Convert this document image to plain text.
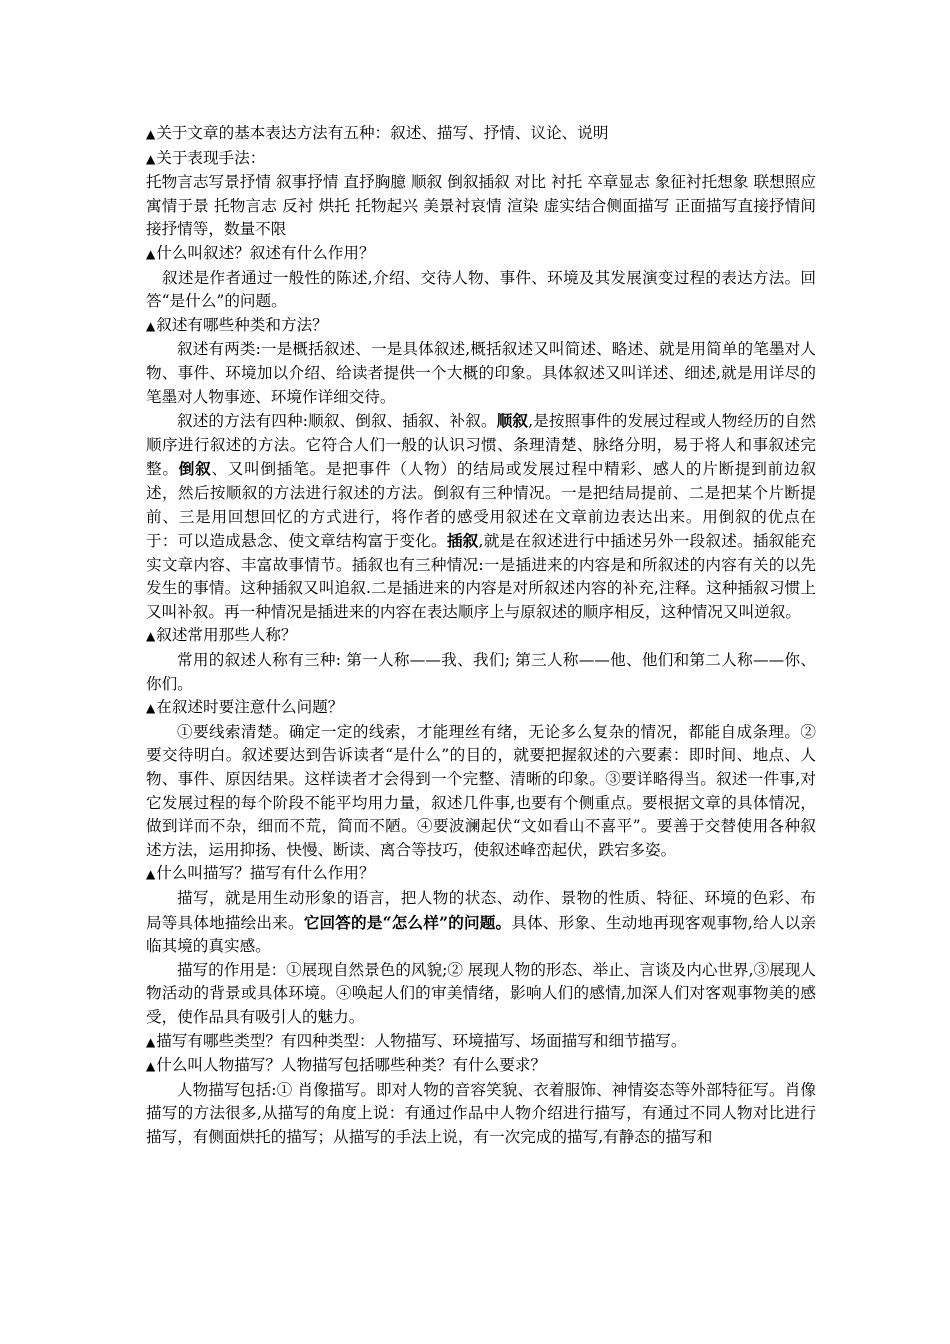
▲ 关于文章的基本表达方法有五种：叙述、描写、抒情、议论、说明

▲ 关于表现手法：

托物言志写景抒情 叙事抒情 直抒胸臆 顺叙 倒叙插叙 对比 衬托 卒章显志 象征衬托想象 联想照应 寓情于景 托物言志 反衬 烘托 托物起兴 美景衬哀情 渲染 虚实结合侧面描写 正面描写直接抒情间接抒情等，数量不限

▲ 什么叫叙述？叙述有什么作用？

叙述是作者通过一般性的陈述,介绍、交待人物、事件、环境及其发展演变过程的表达方法。回答“是什么”的问题。

▲ 叙述有哪些种类和方法？

叙述有两类:一是概括叙述、一是具体叙述,概括叙述又叫简述、略述、就是用简单的笔墨对人物、事件、环境加以介绍、给读者提供一个大概的印象。具体叙述又叫详述、细述,就是用详尽的笔墨对人物事迹、环境作详细交待。

叙述的方法有四种:顺叙、倒叙、插叙、补叙。顺叙,是按照事件的发展过程或人物经历的自然顺序进行叙述的方法。它符合人们一般的认识习惯、条理清楚、脉络分明，易于将人和事叙述完整。倒叙、又叫倒插笔。是把事件（人物）的结局或发展过程中精彩、感人的片断提到前边叙述，然后按顺叙的方法进行叙述的方法。倒叙有三种情况。一是把结局提前、二是把某个片断提前、三是用回想回忆的方式进行，将作者的感受用叙述在文章前边表达出来。用倒叙的优点在于：可以造成悬念、使文章结构富于变化。插叙,就是在叙述进行中插述另外一段叙述。插叙能充实文章内容、丰富故事情节。插叙也有三种情况:一是插进来的内容是和所叙述的内容有关的以先发生的事情。这种插叙又叫追叙.二是插进来的内容是对所叙述内容的补充,注释。这种插叙习惯上又叫补叙。再一种情况是插进来的内容在表达顺序上与原叙述的顺序相反，这种情况又叫逆叙。

▲ 叙述常用那些人称？

常用的叙述人称有三种: 第一人称——我、我们; 第三人称——他、他们和第二人称——你、你们。

▲ 在叙述时要注意什么问题？

①要线索清楚。确定一定的线索，才能理丝有绪，无论多么复杂的情况，都能自成条理。②要交待明白。叙述要达到告诉读者“是什么”的目的，就要把握叙述的六要素：即时间、地点、人物、事件、原因结果。这样读者才会得到一个完整、清晰的印象。③要详略得当。叙述一件事,对它发展过程的每个阶段不能平均用力量，叙述几件事,也要有个侧重点。要根据文章的具体情况，做到详而不杂，细而不荒，简而不陋。④要波澜起伏“文如看山不喜平”。要善于交替使用各种叙述方法，运用抑扬、快慢、断读、离合等技巧，使叙述峰峦起伏，跌宕多姿。

▲ 什么叫描写？描写有什么作用？

描写，就是用生动形象的语言，把人物的状态、动作、景物的性质、特征、环境的色彩、布局等具体地描绘出来。它回答的是“怎么样”的问题。具体、形象、生动地再现客观事物,给人以亲临其境的真实感。

描写的作用是：①展现自然景色的风貌;② 展现人物的形态、举止、言谈及内心世界,③展现人物活动的背景或具体环境。④唤起人们的审美情绪，影响人们的感情,加深人们对客观事物美的感受，使作品具有吸引人的魅力。

▲ 描写有哪些类型？有四种类型：人物描写、环境描写、场面描写和细节描写。

▲ 什么叫人物描写？人物描写包括哪些种类？有什么要求？

人物描写包括:① 肖像描写。即对人物的音容笑貌、衣着服饰、神情姿态等外部特征写。肖像描写的方法很多,从描写的角度上说：有通过作品中人物介绍进行描写，有通过不同人物对比进行描写，有侧面烘托的描写；从描写的手法上说，有一次完成的描写,有静态的描写和
